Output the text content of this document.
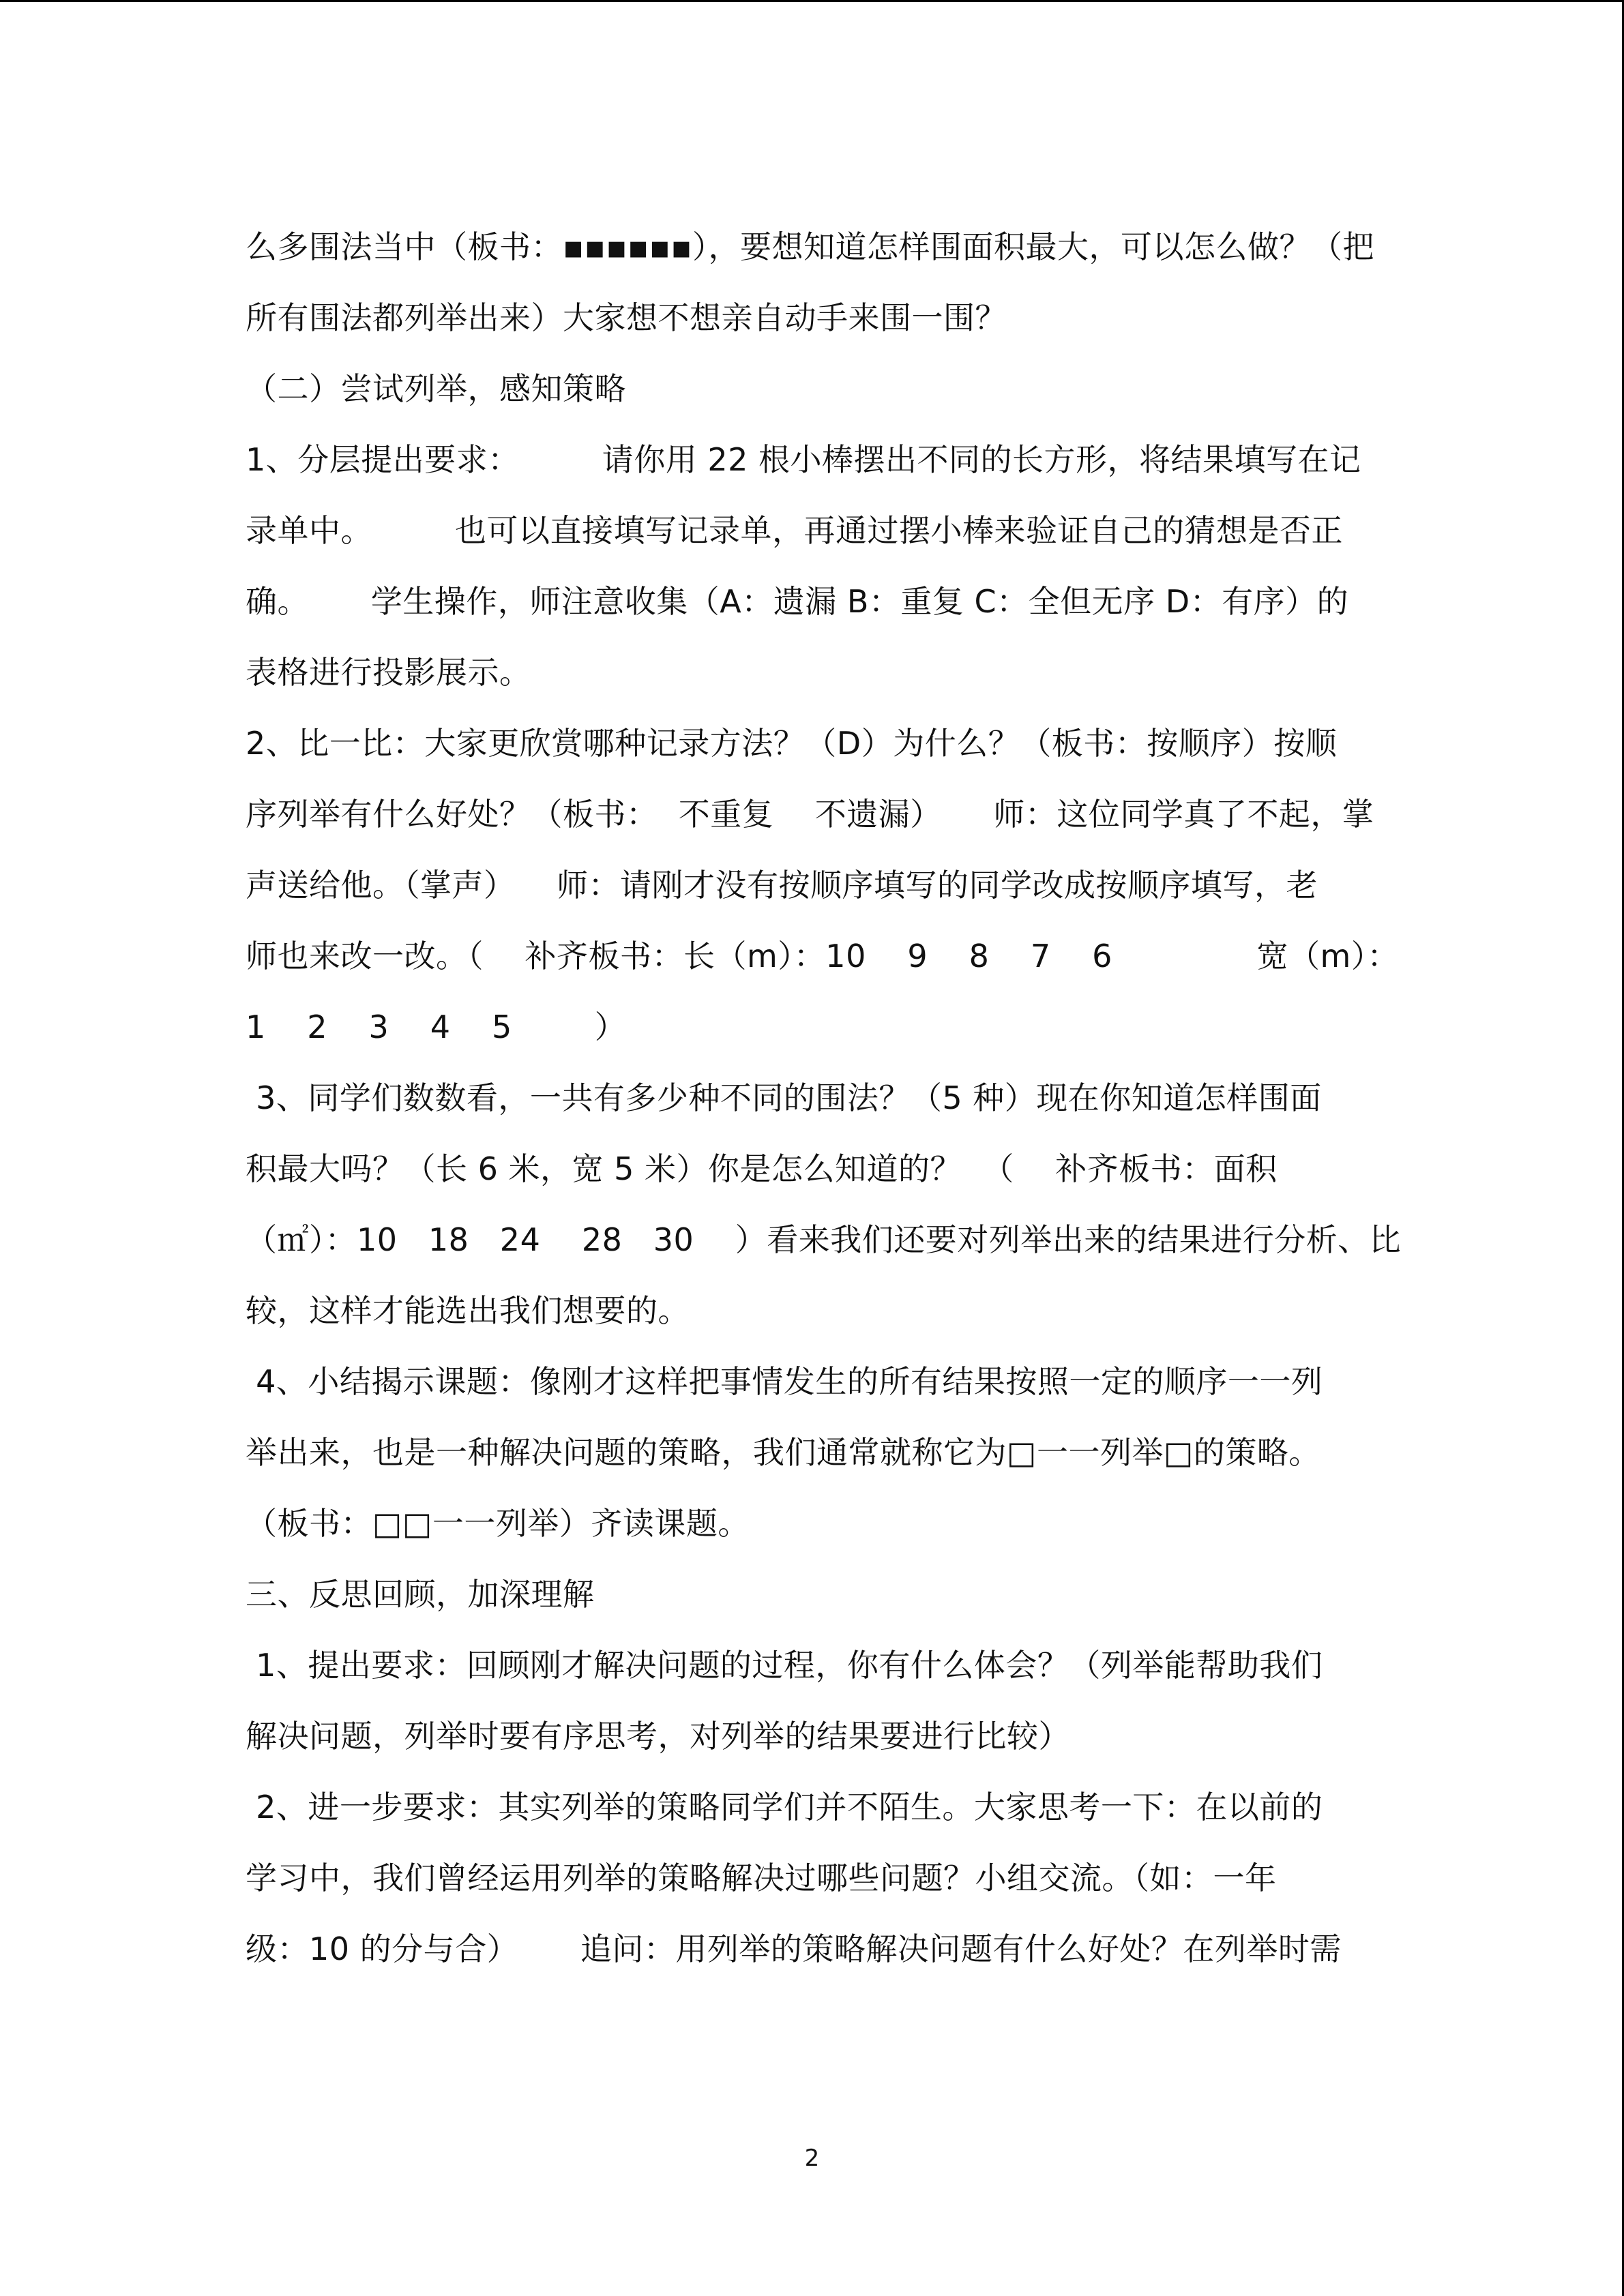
么多围法当中（板书：▪▪▪▪▪▪），要想知道怎样围面积最大，可以怎么做？（把
所有围法都列举出来）大家想不想亲自动手来围一围？
（二）尝试列举，感知策略
1、分层提出要求：        请你用 22 根小棒摆出不同的长方形，将结果填写在记
录单中。        也可以直接填写记录单，再通过摆小棒来验证自己的猜想是否正
确。      学生操作，师注意收集（A：遗漏 B：重复 C：全但无序 D：有序）的
表格进行投影展示。
2、比一比：大家更欣赏哪种记录方法？（D）为什么？（板书：按顺序）按顺
序列举有什么好处？（板书：  不重复    不遗漏）     师：这位同学真了不起，掌
声送给他。（掌声）    师：请刚才没有按顺序填写的同学改成按顺序填写，老
师也来改一改。（    补齐板书：长（m）：10    9    8    7    6              宽（m）：
1    2    3    4    5        ）
3、同学们数数看，一共有多少种不同的围法？（5 种）现在你知道怎样围面
积最大吗？（长 6 米，宽 5 米）你是怎么知道的？  （    补齐板书：面积
（㎡）：10   18   24    28   30    ）看来我们还要对列举出来的结果进行分析、比
较，这样才能选出我们想要的。
4、小结揭示课题：像刚才这样把事情发生的所有结果按照一定的顺序一一列
举出来，也是一种解决问题的策略，我们通常就称它为□一一列举□的策略。
（板书：□□一一列举）齐读课题。
三、反思回顾，加深理解
1、提出要求：回顾刚才解决问题的过程，你有什么体会？（列举能帮助我们
解决问题，列举时要有序思考，对列举的结果要进行比较）
2、进一步要求：其实列举的策略同学们并不陌生。大家思考一下：在以前的
学习中，我们曾经运用列举的策略解决过哪些问题？小组交流。（如：一年
级：10 的分与合）      追问：用列举的策略解决问题有什么好处？在列举时需
2
